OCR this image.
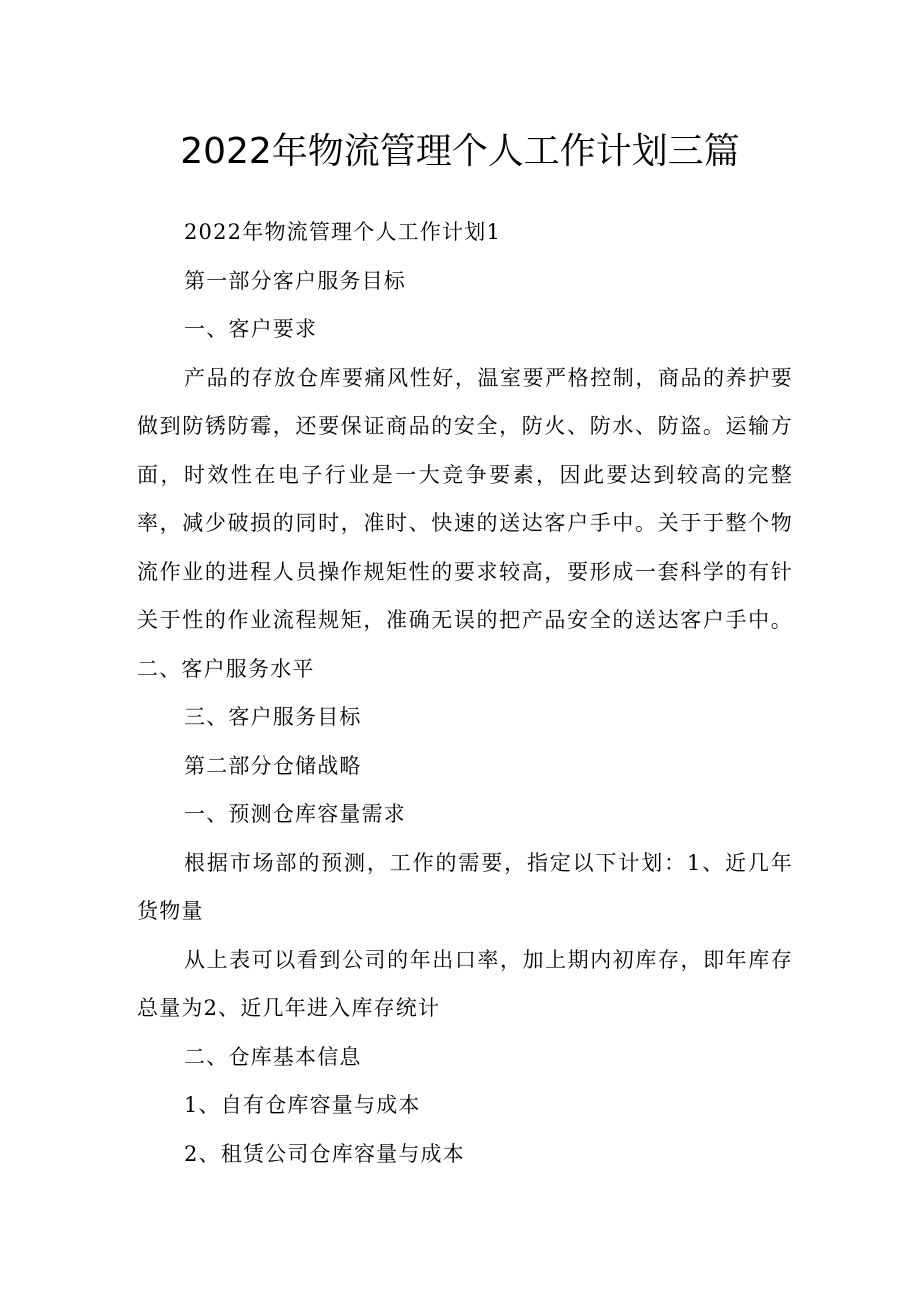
2022年物流管理个人工作计划三篇

2022年物流管理个人工作计划1

第一部分客户服务目标

一、客户要求

产品的存放仓库要痛风性好，温室要严格控制，商品的养护要做到防锈防霉，还要保证商品的安全，防火、防水、防盗。运输方面，时效性在电子行业是一大竞争要素，因此要达到较高的完整率，减少破损的同时，准时、快速的送达客户手中。关于于整个物流作业的进程人员操作规矩性的要求较高，要形成一套科学的有针关于性的作业流程规矩，准确无误的把产品安全的送达客户手中。二、客户服务水平

三、客户服务目标

第二部分仓储战略

一、预测仓库容量需求

根据市场部的预测，工作的需要，指定以下计划：1、近几年货物量

从上表可以看到公司的年出口率，加上期内初库存，即年库存总量为2、近几年进入库存统计

二、仓库基本信息

1、自有仓库容量与成本

2、租赁公司仓库容量与成本
